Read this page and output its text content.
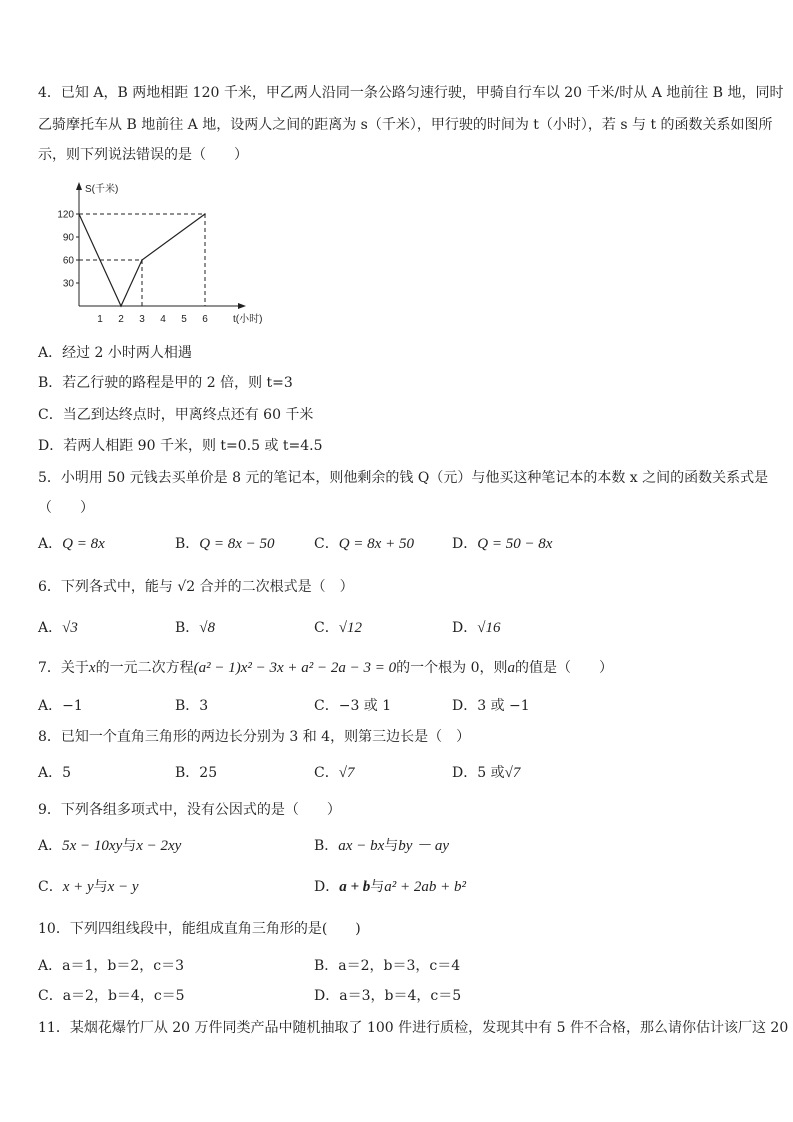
4．已知 A，B 两地相距 120 千米，甲乙两人沿同一条公路匀速行驶，甲骑自行车以 20 千米/时从 A 地前往 B 地，同时
乙骑摩托车从 B 地前往 A 地，设两人之间的距离为 s（千米），甲行驶的时间为 t（小时），若 s 与 t 的函数关系如图所
示，则下列说法错误的是（　　）
S(千米)
t(小时)
1 2 3 4 5 6
30
60
90
120
A．经过 2 小时两人相遇
B．若乙行驶的路程是甲的 2 倍，则 t=3
C．当乙到达终点时，甲离终点还有 60 千米
D．若两人相距 90 千米，则 t=0.5 或 t=4.5
5．小明用 50 元钱去买单价是 8 元的笔记本，则他剩余的钱 Q（元）与他买这种笔记本的本数 x 之间的函数关系式是
（　　）
A．Q = 8x	B．Q = 8x − 50	C．Q = 8x + 50	D．Q = 50 − 8x
6．下列各式中，能与 √2 合并的二次根式是（　）
A．√3	B．√8	C．√12	D．√16
7．关于x的一元二次方程(a² − 1)x² − 3x + a² − 2a − 3 = 0的一个根为 0，则a的值是（　　）
A．−1	B．3	C．−3 或 1	D．3 或 −1
8．已知一个直角三角形的两边长分别为 3 和 4，则第三边长是（　）
A．5	B．25	C．√7	D．5 或√7
9．下列各组多项式中，没有公因式的是（　　）
A．5x − 10xy与x − 2xy	B．ax − bx与by － ay
C．x + y与x − y	D．a + b与a² + 2ab + b²
10．下列四组线段中，能组成直角三角形的是(　　)
A．a＝1，b＝2，c＝3	B．a＝2，b＝3，c＝4
C．a＝2，b＝4，c＝5	D．a＝3，b＝4，c＝5
11．某烟花爆竹厂从 20 万件同类产品中随机抽取了 100 件进行质检，发现其中有 5 件不合格，那么请你估计该厂这 20
